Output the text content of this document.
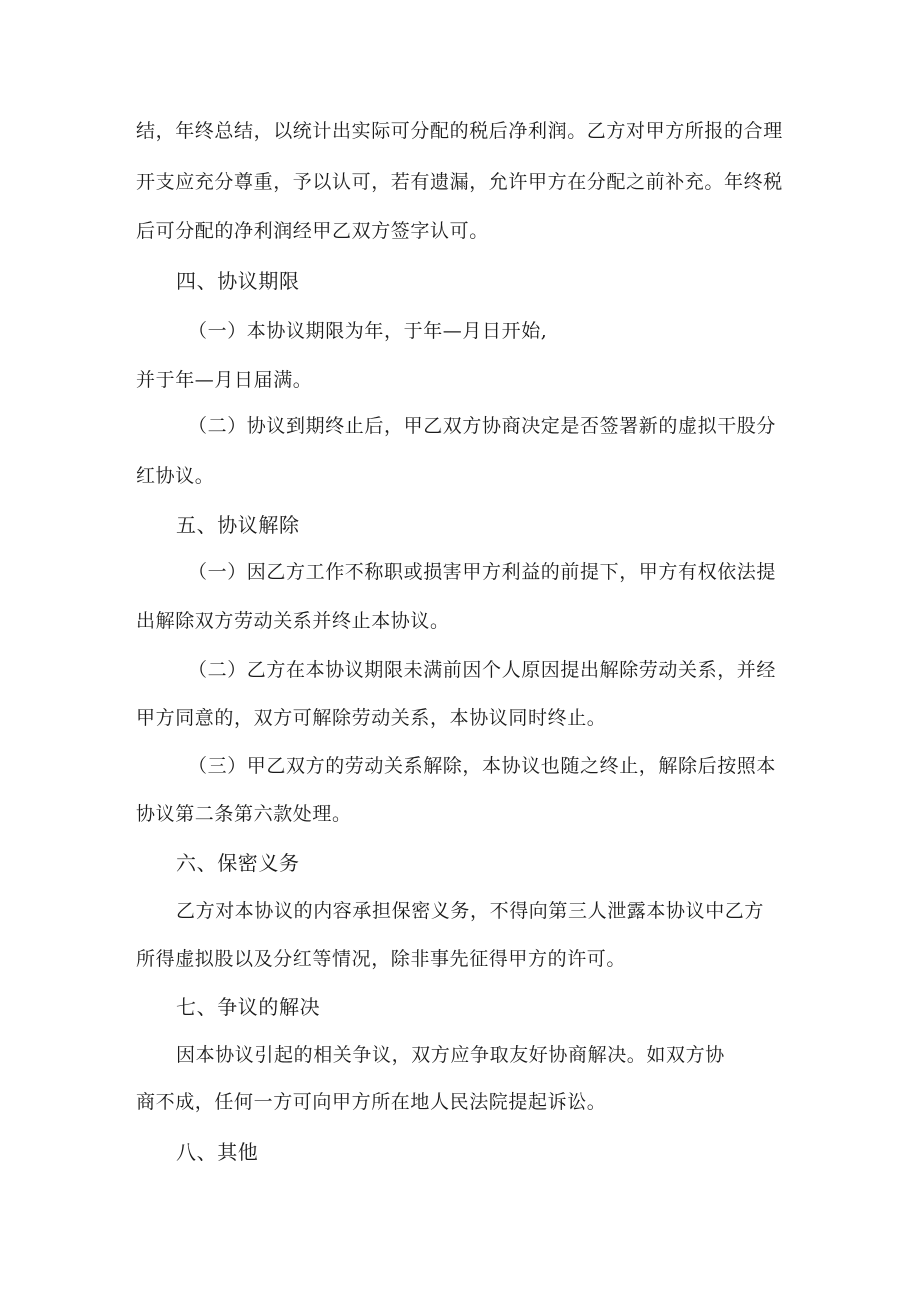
结，年终总结，以统计出实际可分配的税后净利润。乙方对甲方所报的合理
开支应充分尊重，予以认可，若有遗漏，允许甲方在分配之前补充。年终税
后可分配的净利润经甲乙双方签字认可。
四、协议期限
（一）本协议期限为年，于年—月日开始,
并于年—月日届满。
（二）协议到期终止后，甲乙双方协商决定是否签署新的虚拟干股分
红协议。
五、协议解除
（一）因乙方工作不称职或损害甲方利益的前提下，甲方有权依法提
出解除双方劳动关系并终止本协议。
（二）乙方在本协议期限未满前因个人原因提出解除劳动关系，并经
甲方同意的，双方可解除劳动关系，本协议同时终止。
（三）甲乙双方的劳动关系解除，本协议也随之终止，解除后按照本
协议第二条第六款处理。
六、保密义务
乙方对本协议的内容承担保密义务，不得向第三人泄露本协议中乙方
所得虚拟股以及分红等情况，除非事先征得甲方的许可。
七、争议的解决
因本协议引起的相关争议，双方应争取友好协商解决。如双方协
商不成，任何一方可向甲方所在地人民法院提起诉讼。
八、其他
